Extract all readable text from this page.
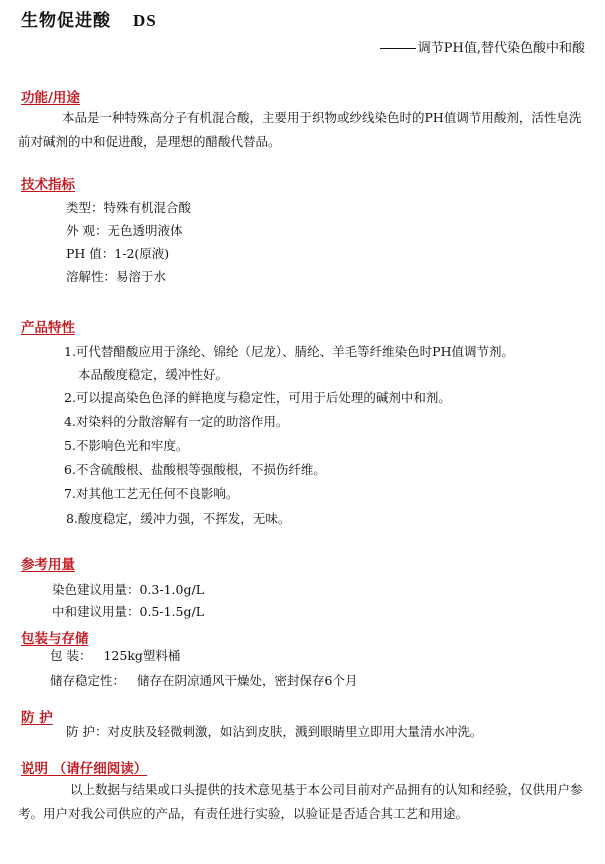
生物促进酸 DS
调节PH值,替代染色酸中和酸
功能/用途
本品是一种特殊高分子有机混合酸，主要用于织物或纱线染色时的PH值调节用酸剂，活性皂洗前对碱剂的中和促进酸，是理想的醋酸代替品。
技术指标
类型：特殊有机混合酸
外 观：无色透明液体
PH 值：1-2(原液)
溶解性：易溶于水
产品特性
1.可代替醋酸应用于涤纶、锦纶（尼龙）、腈纶、羊毛等纤维染色时PH值调节剂。
本品酸度稳定，缓冲性好。
2.可以提高染色色泽的鲜艳度与稳定性，可用于后处理的碱剂中和剂。
4.对染料的分散溶解有一定的助溶作用。
5.不影响色光和牢度。
6.不含硫酸根、盐酸根等强酸根，不损伤纤维。
7.对其他工艺无任何不良影响。
8.酸度稳定，缓冲力强，不挥发，无味。
参考用量
染色建议用量：0.3-1.0g/L
中和建议用量：0.5-1.5g/L
包装与存储
包 装： 125kg塑料桶
储存稳定性： 储存在阴凉通风干燥处，密封保存6个月
防 护
防 护：对皮肤及轻微刺激，如沾到皮肤，溅到眼睛里立即用大量清水冲洗。
说明 （请仔细阅读）
以上数据与结果或口头提供的技术意见基于本公司目前对产品拥有的认知和经验，仅供用户参考。用户对我公司供应的产品，有责任进行实验，以验证是否适合其工艺和用途。
